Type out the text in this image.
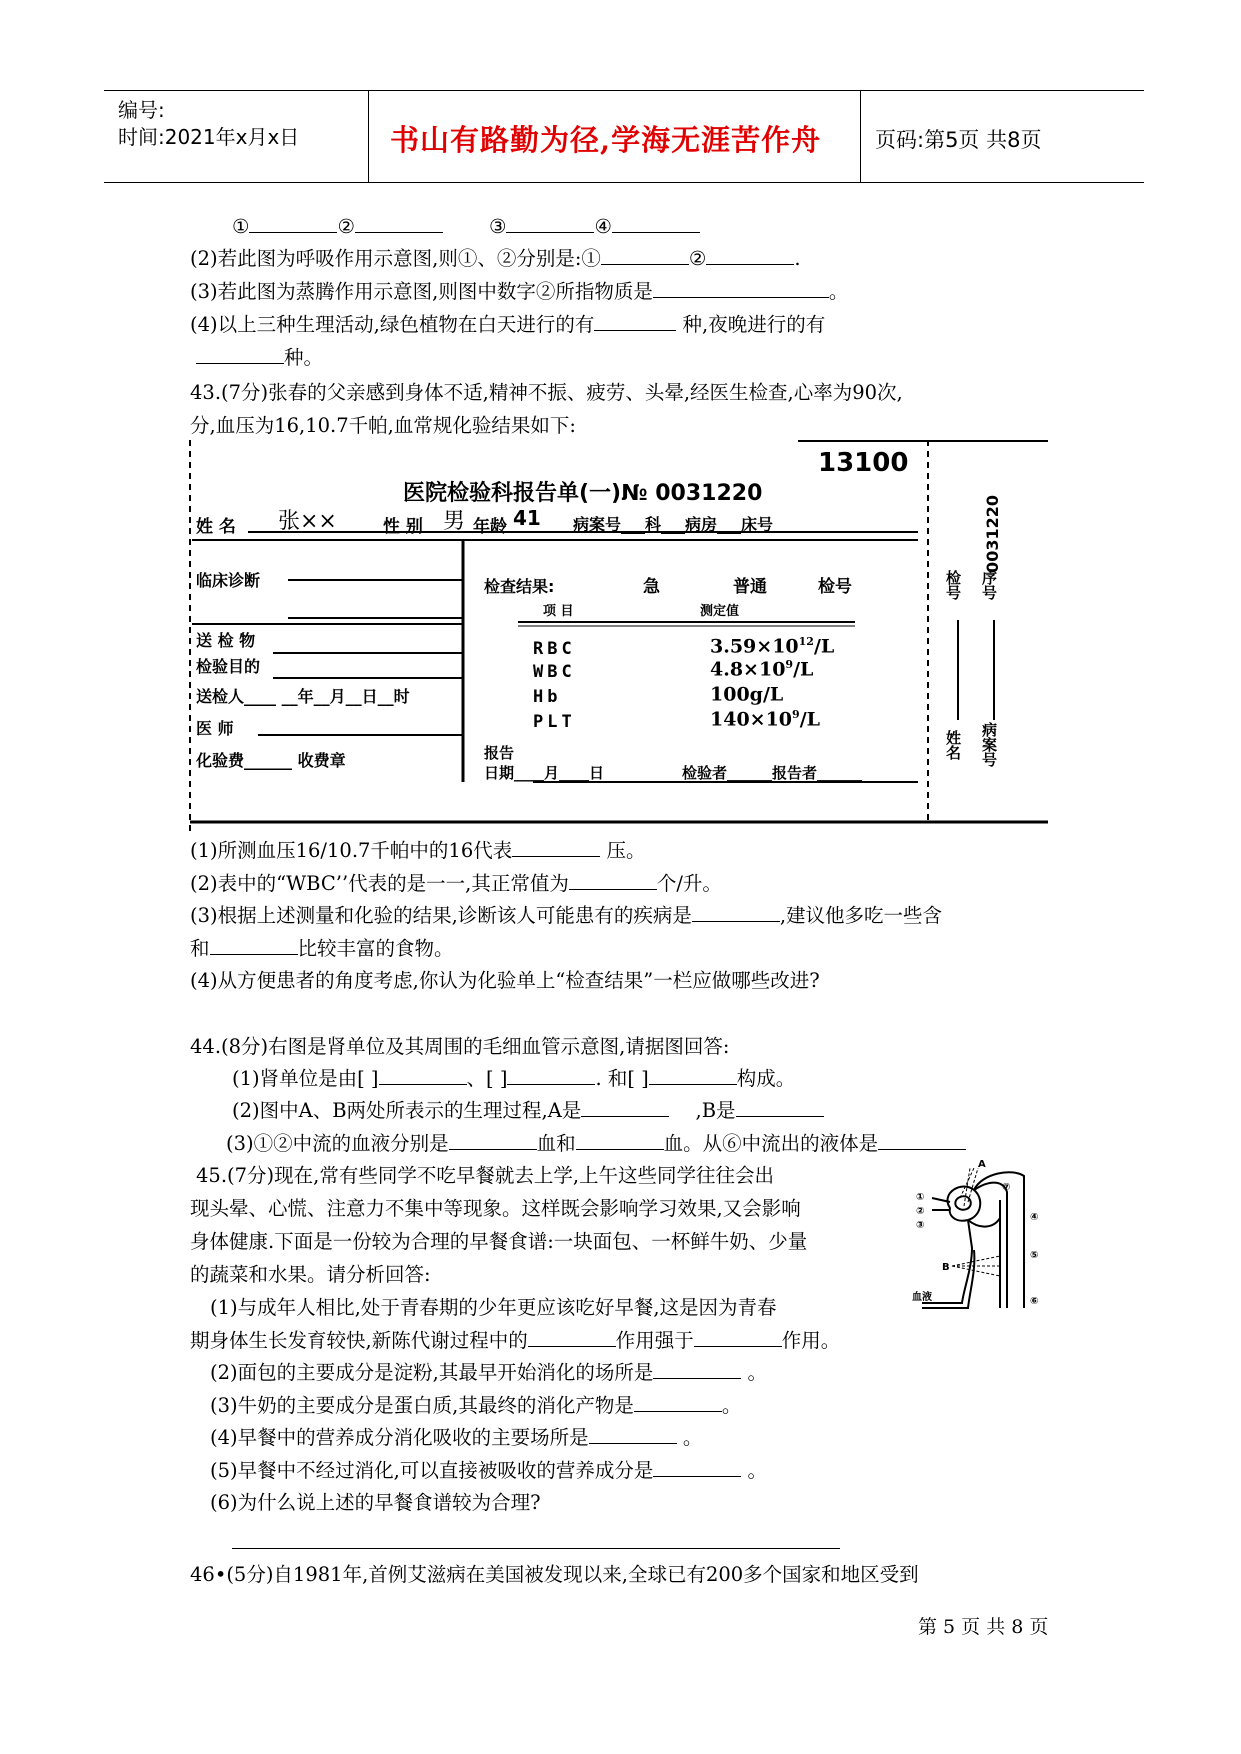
编号:
时间:2021年x月x日	书山有路勤为径,学海无涯苦作舟	页码:第5页 共8页
①	②	③	④
(2)若此图为呼吸作用示意图,则①、②分别是:①	②	.
(3)若此图为蒸腾作用示意图,则图中数字②所指物质是	。
(4)以上三种生理活动,绿色植物在白天进行的有	种,夜晚进行的有
种。
43.(7分)张春的父亲感到身体不适,精神不振、疲劳、头晕,经医生检查,心率为90次,
分,血压为16,10.7千帕,血常规化验结果如下:
13100
医院检验科报告单(一)№ 0031220
0031220
姓 名 张××	性 别 男 年龄 41 病案号___科___病房___床号
临床诊断
送 检 物
检验目的
送检人____ __年__月__日__时
医 师
化验费______ 收费章
检查结果:	急	普通	检号
项 目	测定值
RBC	$3.59\times 10^{12}/L$
WBC	$4.8\times 10^9/L$
Hb	100g/L
PLT	$140\times 10^9/L$
报告
日期____月____日	检验者______报告者______
检号 序号
姓名 病案号
(1)所测血压16/10.7千帕中的16代表	压。
(2)表中的“WBC’’代表的是一一,其正常值为	个/升。
(3)根据上述测量和化验的结果,诊断该人可能患有的疾病是	,建议他多吃一些含
和	比较丰富的食物。
(4)从方便患者的角度考虑,你认为化验单上“检查结果”一栏应做哪些改进?
44.(8分)右图是肾单位及其周围的毛细血管示意图,请据图回答:
(1)肾单位是由[ ]	、[ ]	. 和[ ]	构成。
(2)图中A、B两处所表示的生理过程,A是	,B是
(3)①②中流的血液分别是	血和	血。从⑥中流出的液体是
A
B
血液
①
②
③
④
⑤
⑥
⑦
45.(7分)现在,常有些同学不吃早餐就去上学,上午这些同学往往会出
现头晕、心慌、注意力不集中等现象。这样既会影响学习效果,又会影响
身体健康.下面是一份较为合理的早餐食谱:一块面包、一杯鲜牛奶、少量
的蔬菜和水果。请分析回答:
(1)与成年人相比,处于青春期的少年更应该吃好早餐,这是因为青春
期身体生长发育较快,新陈代谢过程中的	作用强于	作用。
(2)面包的主要成分是淀粉,其最早开始消化的场所是	。
(3)牛奶的主要成分是蛋白质,其最终的消化产物是	。
(4)早餐中的营养成分消化吸收的主要场所是	。
(5)早餐中不经过消化,可以直接被吸收的营养成分是	。
(6)为什么说上述的早餐食谱较为合理?
46•(5分)自1981年,首例艾滋病在美国被发现以来,全球已有200多个国家和地区受到
第 5 页 共 8 页
